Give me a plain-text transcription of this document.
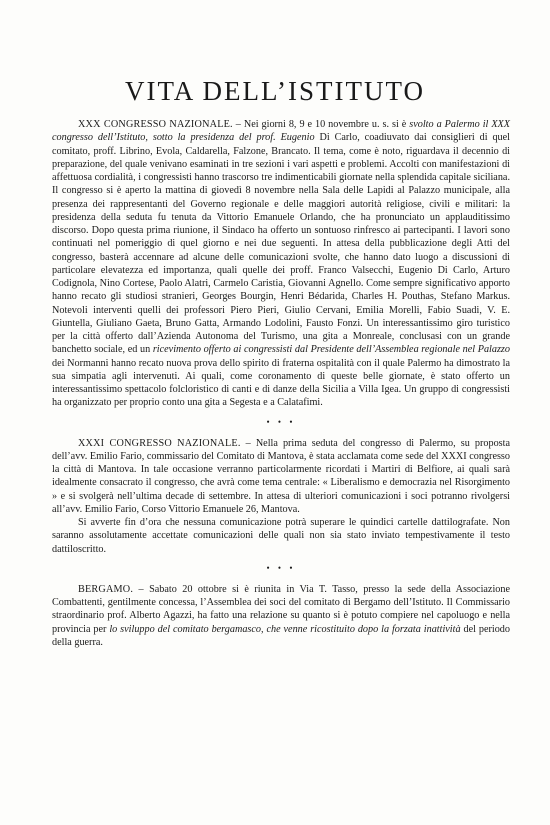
VITA DELL’ISTITUTO

XXX CONGRESSO NAZIONALE. – Nei giorni 8, 9 e 10 novembre u. s. si è svolto a Palermo il XXX congresso dell’Istituto, sotto la presidenza del prof. Eugenio Di Carlo, coadiuvato dai consiglieri di quel comitato, proff. Librino, Evola, Caldarella, Falzone, Brancato. Il tema, come è noto, riguardava il decennio di preparazione, del quale venivano esaminati in tre sezioni i vari aspetti e problemi. Accolti con manifestazioni di affettuosa cordialità, i congressisti hanno trascorso tre indimenticabili giornate nella splendida capitale siciliana. Il congresso si è aperto la mattina di giovedì 8 novembre nella Sala delle Lapidi al Palazzo municipale, alla presenza dei rappresentanti del Governo regionale e delle maggiori autorità religiose, civili e militari: la presidenza della seduta fu tenuta da Vittorio Emanuele Orlando, che ha pronunciato un applauditissimo discorso. Dopo questa prima riunione, il Sindaco ha offerto un sontuoso rinfresco ai partecipanti. I lavori sono continuati nel pomeriggio di quel giorno e nei due seguenti. In attesa della pubblicazione degli Atti del congresso, basterà accennare ad alcune delle comunicazioni svolte, che hanno dato luogo a discussioni di particolare elevatezza ed importanza, quali quelle dei proff. Franco Valsecchi, Eugenio Di Carlo, Arturo Codignola, Nino Cortese, Paolo Alatri, Carmelo Caristia, Giovanni Agnello. Come sempre significativo apporto hanno recato gli studiosi stranieri, Georges Bourgin, Henri Bédarida, Charles H. Pouthas, Stefano Markus. Notevoli interventi quelli dei professori Piero Pieri, Giulio Cervani, Emilia Morelli, Fabio Suadi, V. E. Giuntella, Giuliano Gaeta, Bruno Gatta, Armando Lodolini, Fausto Fonzi. Un interessantissimo giro turistico per la città offerto dall’Azienda Autonoma del Turismo, una gita a Monreale, conclusasi con un grande banchetto sociale, ed un ricevimento offerto ai congressisti dal Presidente dell’Assemblea regionale nel Palazzo dei Normanni hanno recato nuova prova dello spirito di fraterna ospitalità con il quale Palermo ha dimostrato la sua simpatia agli intervenuti. Ai quali, come coronamento di queste belle giornate, è stato offerto un interessantissimo spettacolo folcloristico di canti e di danze della Sicilia a Villa Igea. Un gruppo di congressisti ha organizzato per proprio conto una gita a Segesta e a Calatafimi.

• • •

XXXI CONGRESSO NAZIONALE. – Nella prima seduta del congresso di Palermo, su proposta dell’avv. Emilio Fario, commissario del Comitato di Mantova, è stata acclamata come sede del XXXI congresso la città di Mantova. In tale occasione verranno particolarmente ricordati i Martiri di Belfiore, ai quali sarà idealmente consacrato il congresso, che avrà come tema centrale: « Liberalismo e democrazia nel Risorgimento » e si svolgerà nell’ultima decade di settembre. In attesa di ulteriori comunicazioni i soci potranno rivolgersi all’avv. Emilio Fario, Corso Vittorio Emanuele 26, Mantova.

Si avverte fin d’ora che nessuna comunicazione potrà superare le quindici cartelle dattilografate. Non saranno assolutamente accettate comunicazioni delle quali non sia stato inviato tempestivamente il testo dattiloscritto.

• • •

BERGAMO. – Sabato 20 ottobre si è riunita in Via T. Tasso, presso la sede della Associazione Combattenti, gentilmente concessa, l’Assemblea dei soci del comitato di Bergamo dell’Istituto. Il Commissario straordinario prof. Alberto Agazzi, ha fatto una relazione su quanto si è potuto compiere nel capoluogo e nella provincia per lo sviluppo del comitato bergamasco, che venne ricostituito dopo la forzata inattività del periodo della guerra.
